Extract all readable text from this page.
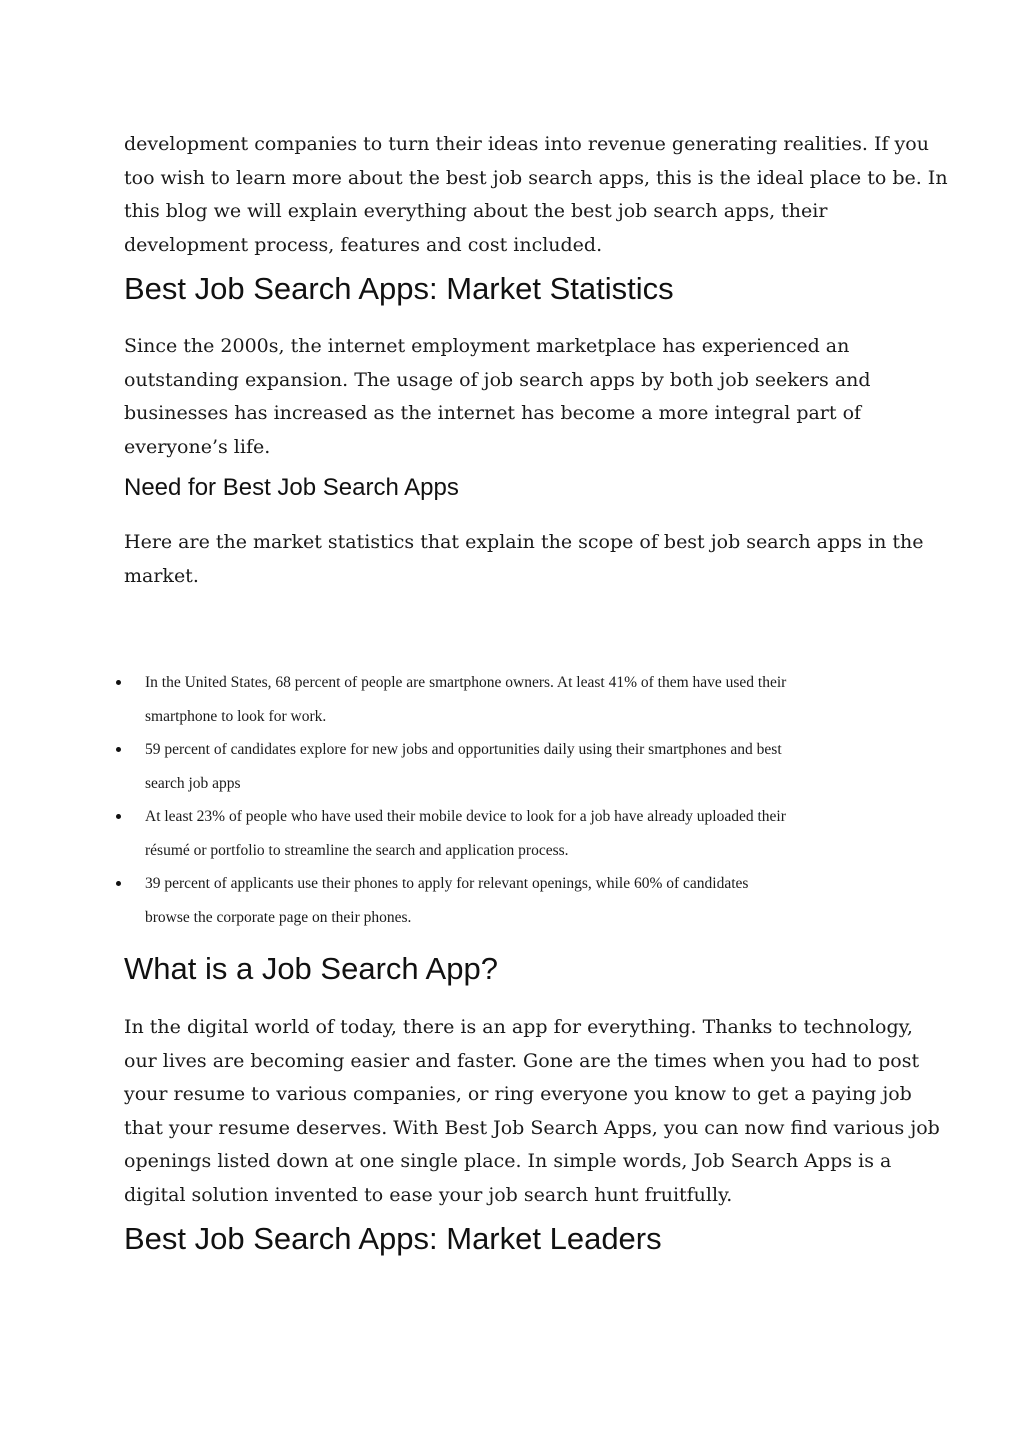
development companies to turn their ideas into revenue generating realities. If you
too wish to learn more about the best job search apps, this is the ideal place to be. In
this blog we will explain everything about the best job search apps, their
development process, features and cost included.
Best Job Search Apps: Market Statistics
Since the 2000s, the internet employment marketplace has experienced an
outstanding expansion. The usage of job search apps by both job seekers and
businesses has increased as the internet has become a more integral part of
everyone’s life.
Need for Best Job Search Apps
Here are the market statistics that explain the scope of best job search apps in the
market.
In the United States, 68 percent of people are smartphone owners. At least 41% of them have used their
smartphone to look for work.
59 percent of candidates explore for new jobs and opportunities daily using their smartphones and best
search job apps
At least 23% of people who have used their mobile device to look for a job have already uploaded their
résumé or portfolio to streamline the search and application process.
39 percent of applicants use their phones to apply for relevant openings, while 60% of candidates
browse the corporate page on their phones.
What is a Job Search App?
In the digital world of today, there is an app for everything. Thanks to technology,
our lives are becoming easier and faster. Gone are the times when you had to post
your resume to various companies, or ring everyone you know to get a paying job
that your resume deserves. With Best Job Search Apps, you can now find various job
openings listed down at one single place. In simple words, Job Search Apps is a
digital solution invented to ease your job search hunt fruitfully.
Best Job Search Apps: Market Leaders
